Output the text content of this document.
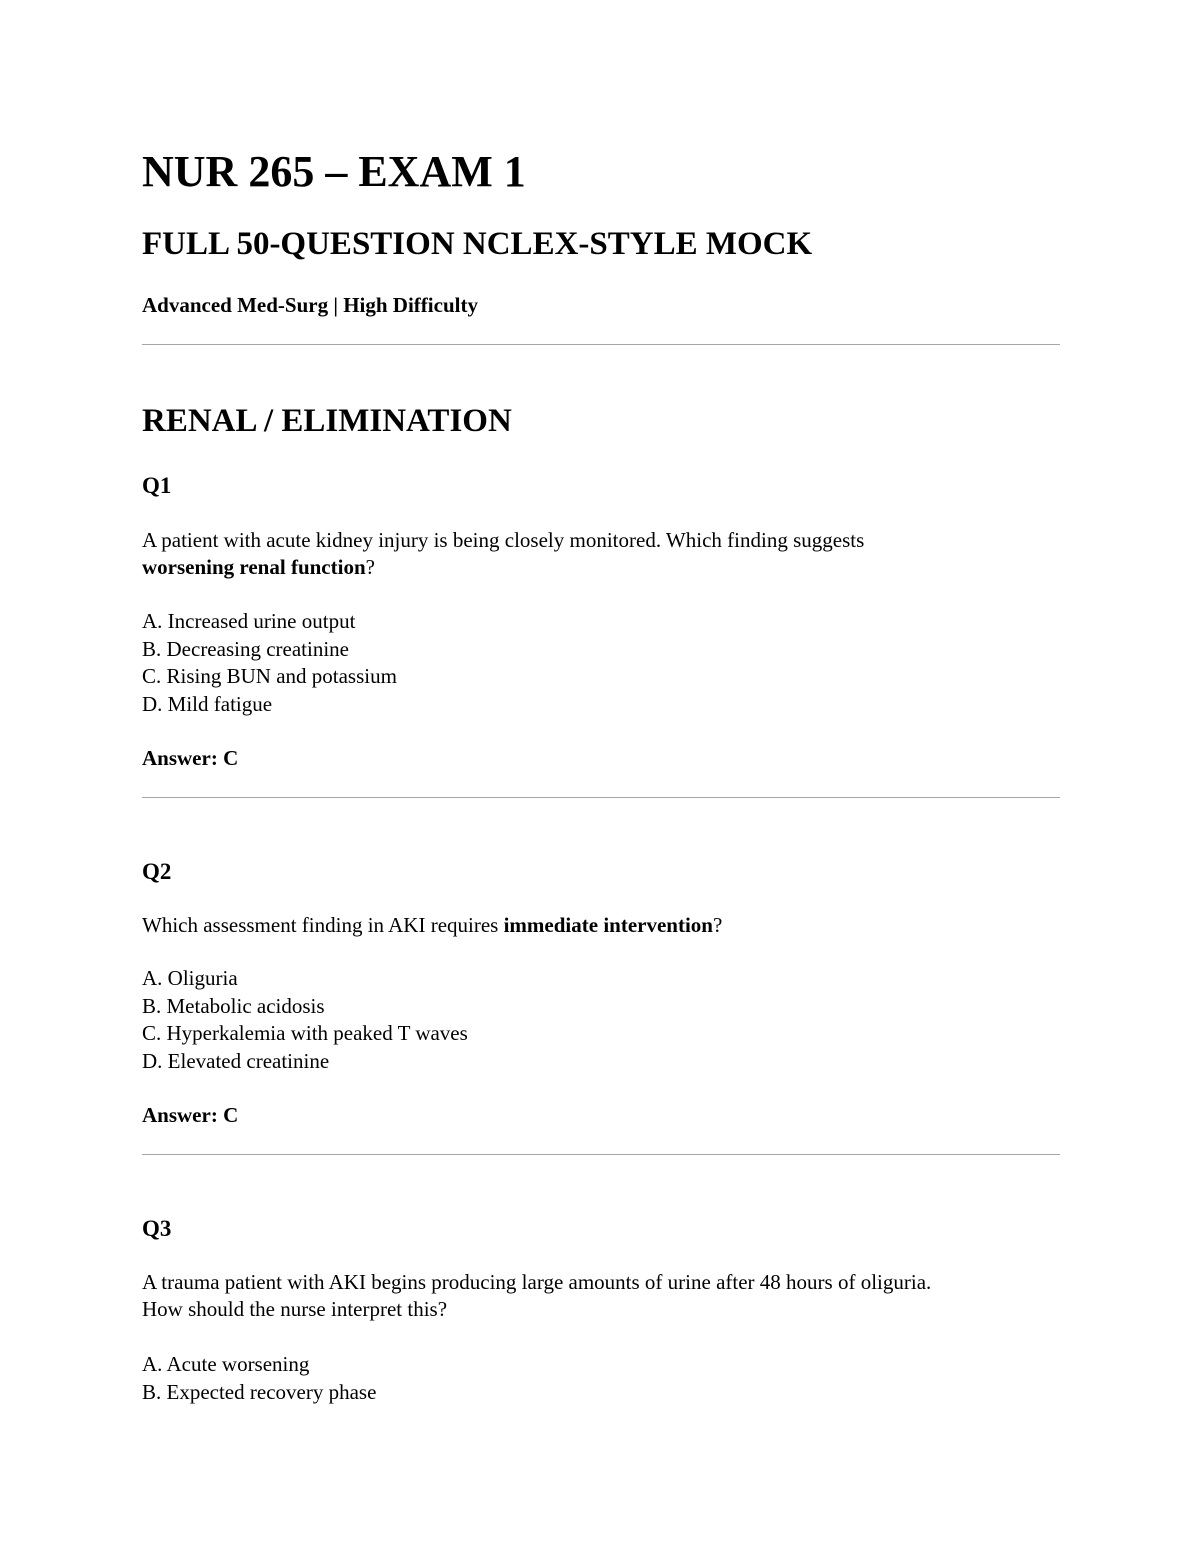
NUR 265 – EXAM 1
FULL 50-QUESTION NCLEX-STYLE MOCK
Advanced Med-Surg | High Difficulty
RENAL / ELIMINATION
Q1
A patient with acute kidney injury is being closely monitored. Which finding suggests
worsening renal function?
A. Increased urine output
B. Decreasing creatinine
C. Rising BUN and potassium
D. Mild fatigue
Answer: C
Q2
Which assessment finding in AKI requires immediate intervention?
A. Oliguria
B. Metabolic acidosis
C. Hyperkalemia with peaked T waves
D. Elevated creatinine
Answer: C
Q3
A trauma patient with AKI begins producing large amounts of urine after 48 hours of oliguria.
How should the nurse interpret this?
A. Acute worsening
B. Expected recovery phase
